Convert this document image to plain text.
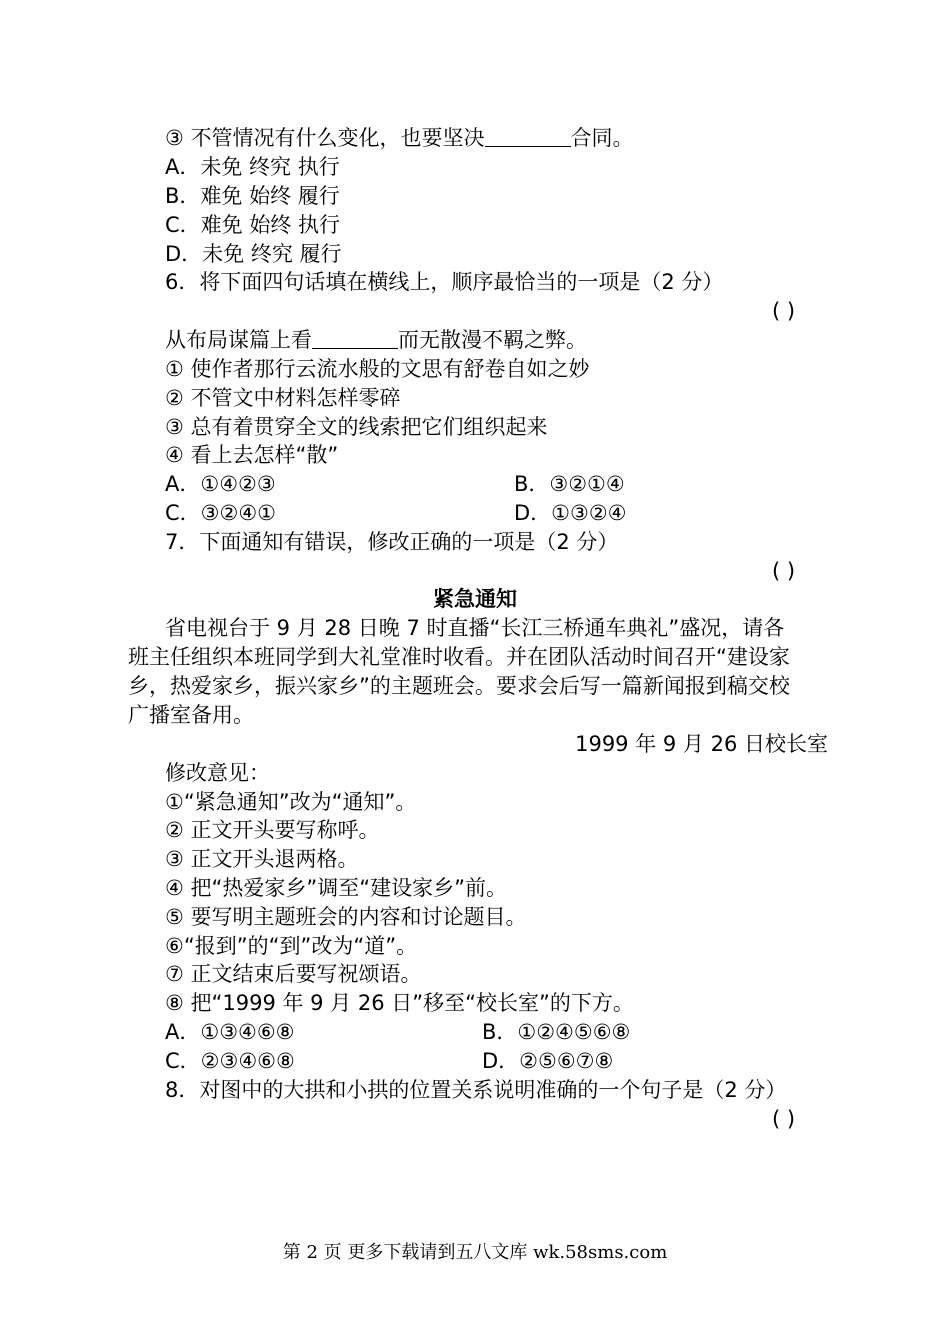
③ 不管情况有什么变化，也要坚决	合同。
A．未免 终究 执行
B．难免 始终 履行
C．难免 始终 执行
D．未免 终究 履行
6．将下面四句话填在横线上，顺序最恰当的一项是（2 分）
( )
从布局谋篇上看	而无散漫不羁之弊。
① 使作者那行云流水般的文思有舒卷自如之妙
② 不管文中材料怎样零碎
③ 总有着贯穿全文的线索把它们组织起来
④ 看上去怎样“散”
A．①④②③	B．③②①④
C．③②④①	D．①③②④
7．下面通知有错误，修改正确的一项是（2 分）
( )
紧急通知
省电视台于 9 月 28 日晚 7 时直播“长江三桥通车典礼”盛况，请各
班主任组织本班同学到大礼堂准时收看。并在团队活动时间召开“建设家
乡，热爱家乡，振兴家乡”的主题班会。要求会后写一篇新闻报到稿交校
广播室备用。
1999 年 9 月 26 日校长室
修改意见：
①“紧急通知”改为“通知”。
② 正文开头要写称呼。
③ 正文开头退两格。
④ 把“热爱家乡”调至“建设家乡”前。
⑤ 要写明主题班会的内容和讨论题目。
⑥“报到”的“到”改为“道”。
⑦ 正文结束后要写祝颂语。
⑧ 把“1999 年 9 月 26 日”移至“校长室”的下方。
A．①③④⑥⑧	B．①②④⑤⑥⑧
C．②③④⑥⑧	D．②⑤⑥⑦⑧
8．对图中的大拱和小拱的位置关系说明准确的一个句子是（2 分）
( )
第 2 页 更多下载请到五八文库 wk.58sms.com
